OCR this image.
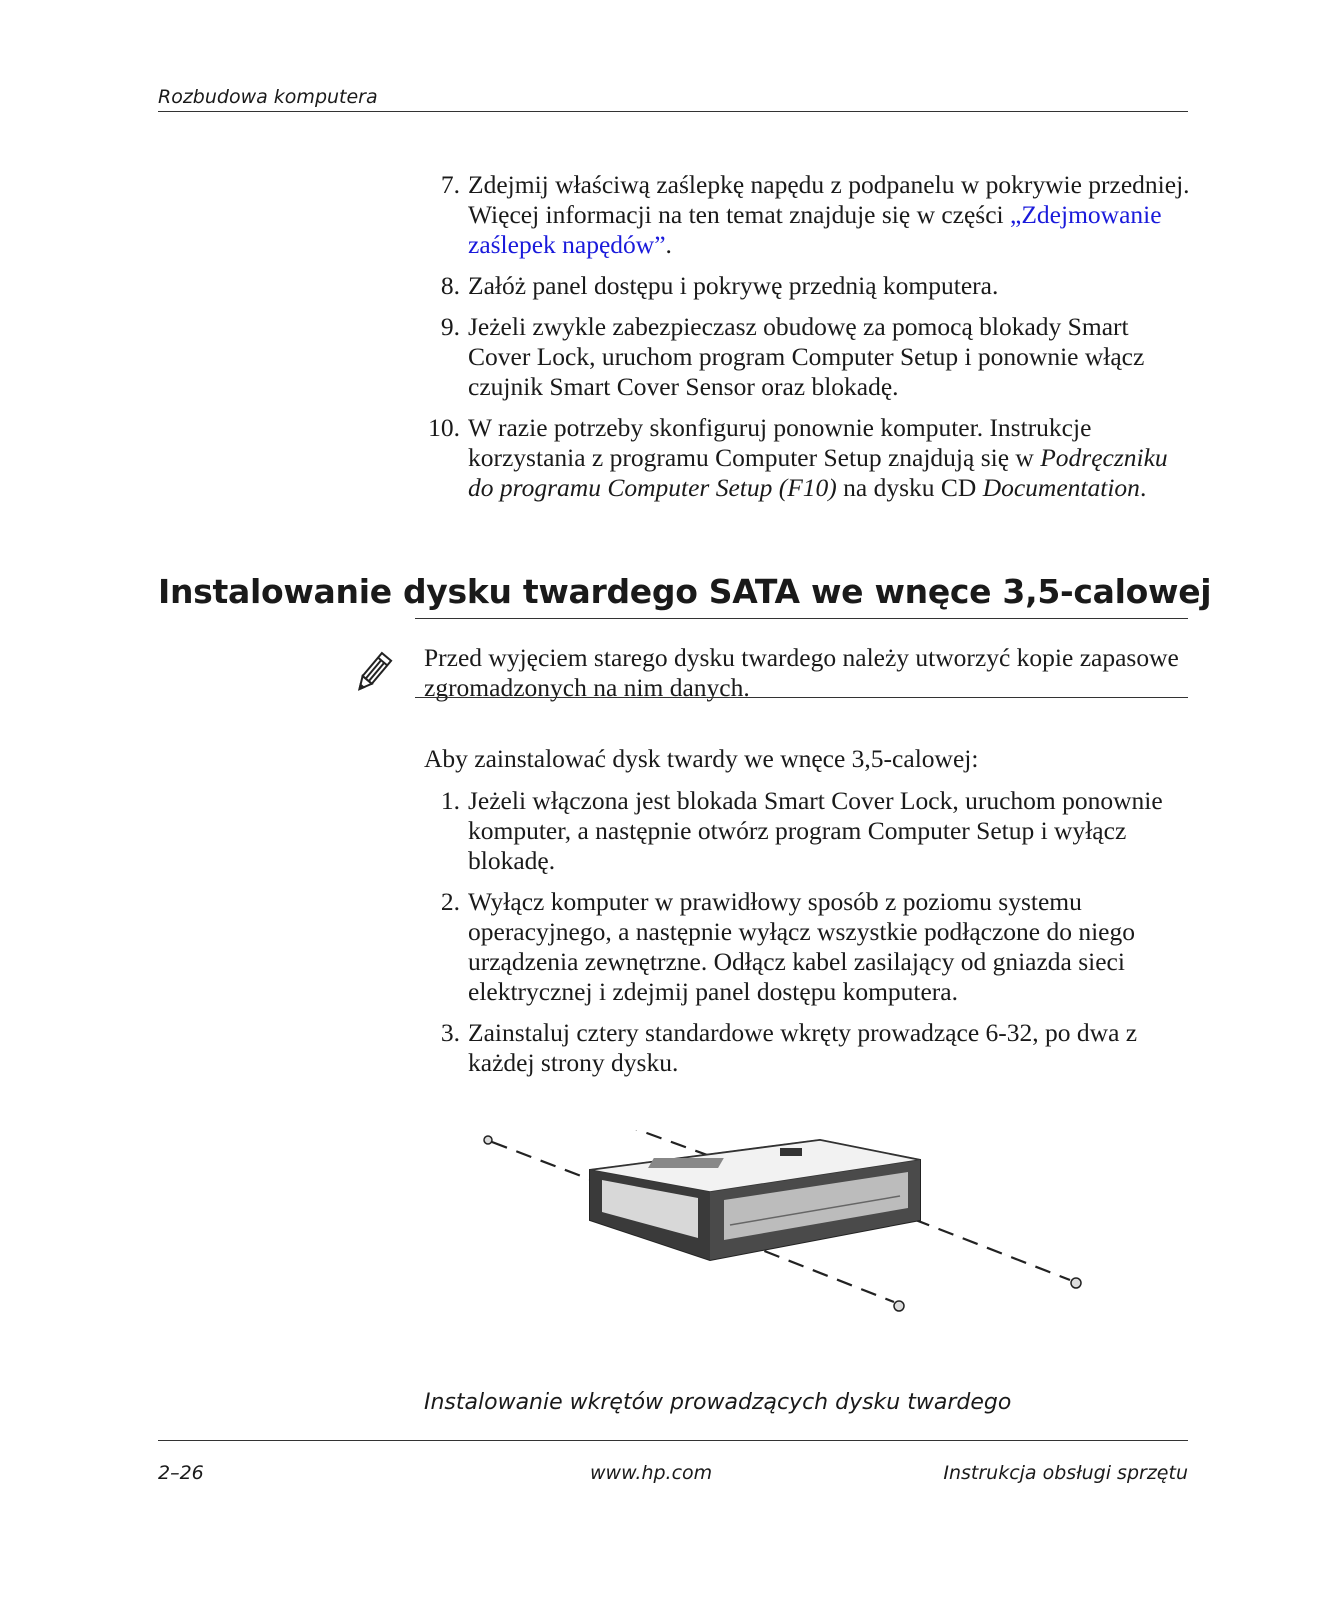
Rozbudowa komputera
7. Zdejmij właściwą zaślepkę napędu z podpanelu w pokrywie przedniej. Więcej informacji na ten temat znajduje się w części „Zdejmowanie zaślepek napędów”.
8. Załóż panel dostępu i pokrywę przednią komputera.
9. Jeżeli zwykle zabezpieczasz obudowę za pomocą blokady Smart Cover Lock, uruchom program Computer Setup i ponownie włącz czujnik Smart Cover Sensor oraz blokadę.
10. W razie potrzeby skonfiguruj ponownie komputer. Instrukcje korzystania z programu Computer Setup znajdują się w Podręczniku do programu Computer Setup (F10) na dysku CD Documentation.
Instalowanie dysku twardego SATA we wnęce 3,5-calowej
Przed wyjęciem starego dysku twardego należy utworzyć kopie zapasowe zgromadzonych na nim danych.
Aby zainstalować dysk twardy we wnęce 3,5-calowej:
1. Jeżeli włączona jest blokada Smart Cover Lock, uruchom ponownie komputer, a następnie otwórz program Computer Setup i wyłącz blokadę.
2. Wyłącz komputer w prawidłowy sposób z poziomu systemu operacyjnego, a następnie wyłącz wszystkie podłączone do niego urządzenia zewnętrzne. Odłącz kabel zasilający od gniazda sieci elektrycznej i zdejmij panel dostępu komputera.
3. Zainstaluj cztery standardowe wkręty prowadzące 6-32, po dwa z każdej strony dysku.
Instalowanie wkrętów prowadzących dysku twardego
2–26	www.hp.com	Instrukcja obsługi sprzętu
